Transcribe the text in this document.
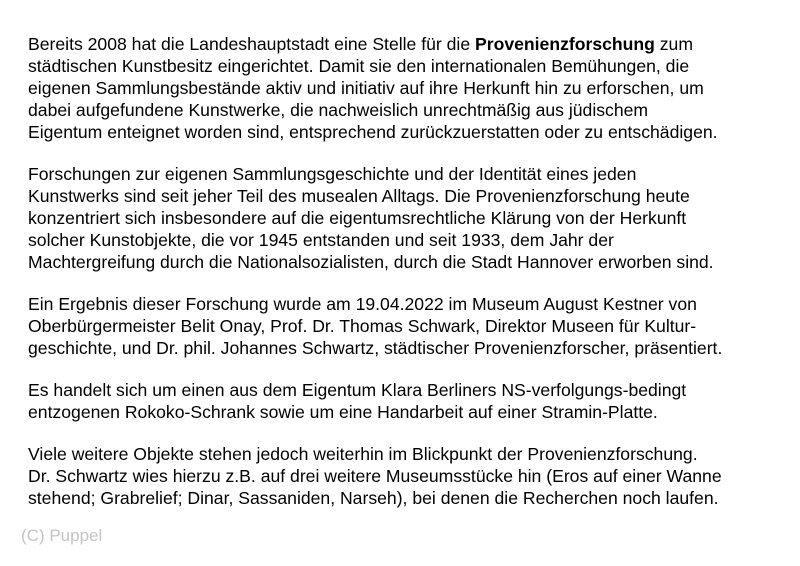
Bereits 2008 hat die Landeshauptstadt eine Stelle für die Provenienzforschung zum
städtischen Kunstbesitz eingerichtet. Damit sie den internationalen Bemühungen, die
eigenen Sammlungsbestände aktiv und initiativ auf ihre Herkunft hin zu erforschen, um
dabei aufgefundene Kunstwerke, die nachweislich unrechtmäßig aus jüdischem
Eigentum enteignet worden sind, entsprechend zurückzuerstatten oder zu entschädigen.

Forschungen zur eigenen Sammlungsgeschichte und der Identität eines jeden
Kunstwerks sind seit jeher Teil des musealen Alltags. Die Provenienzforschung heute
konzentriert sich insbesondere auf die eigentumsrechtliche Klärung von der Herkunft
solcher Kunstobjekte, die vor 1945 entstanden und seit 1933, dem Jahr der
Machtergreifung durch die Nationalsozialisten, durch die Stadt Hannover erworben sind.

Ein Ergebnis dieser Forschung wurde am 19.04.2022 im Museum August Kestner von
Oberbürgermeister Belit Onay, Prof. Dr. Thomas Schwark, Direktor Museen für Kultur-
geschichte, und Dr. phil. Johannes Schwartz, städtischer Provenienzforscher, präsentiert.

Es handelt sich um einen aus dem Eigentum Klara Berliners NS-verfolgungs-bedingt
entzogenen Rokoko-Schrank sowie um eine Handarbeit auf einer Stramin-Platte.

Viele weitere Objekte stehen jedoch weiterhin im Blickpunkt der Provenienzforschung.
Dr. Schwartz wies hierzu z.B. auf drei weitere Museumsstücke hin (Eros auf einer Wanne
stehend; Grabrelief; Dinar, Sassaniden, Narseh), bei denen die Recherchen noch laufen.

(C) Puppel
